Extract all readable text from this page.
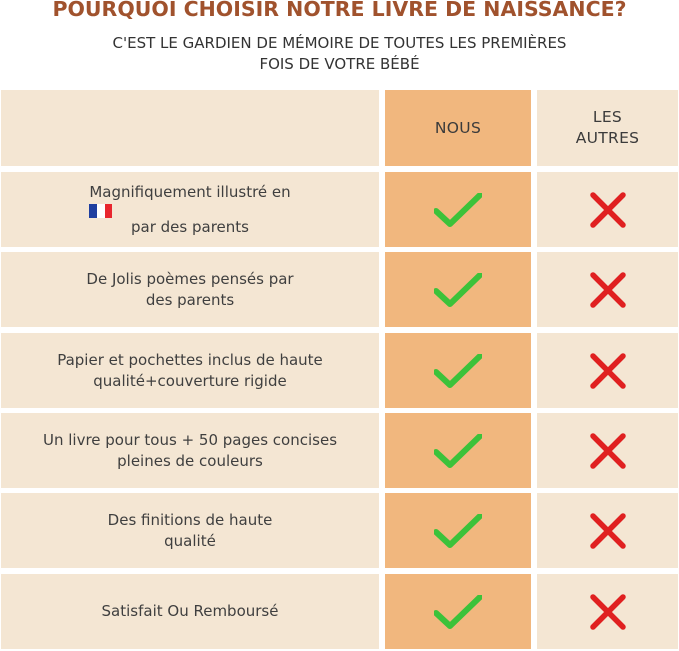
POURQUOI CHOISIR NOTRE LIVRE DE NAISSANCE?
C'EST LE GARDIEN DE MÉMOIRE DE TOUTES LES PREMIÈRES
FOIS DE VOTRE BÉBÉ
NOUS
LES
AUTRES
Magnifiquement illustré en
par des parents
De Jolis poèmes pensés par
des parents
Papier et pochettes inclus de haute
qualité+couverture rigide
Un livre pour tous + 50 pages concises
pleines de couleurs
Des finitions de haute
qualité
Satisfait Ou Remboursé
